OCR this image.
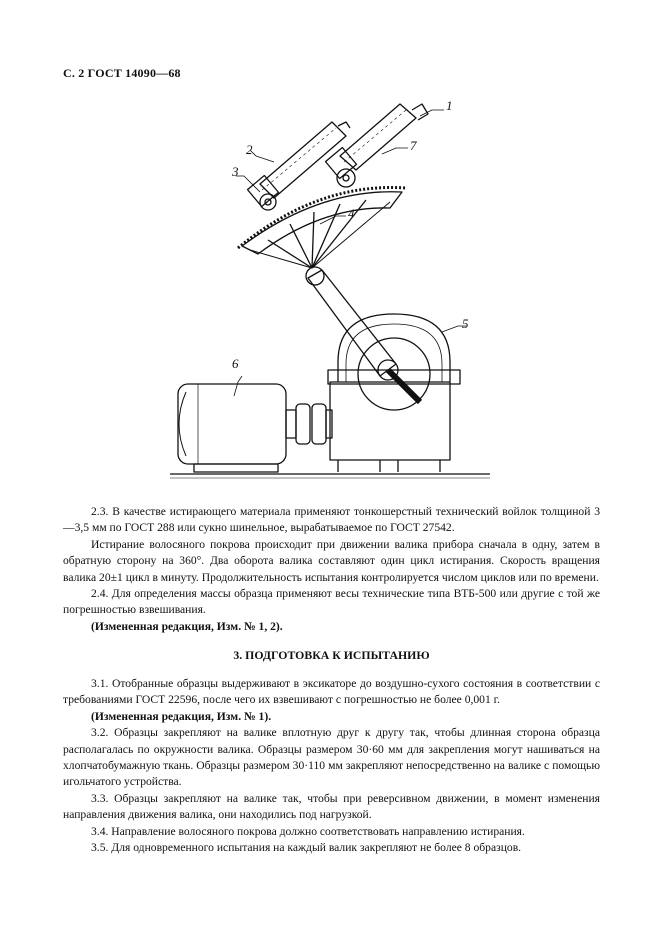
С. 2 ГОСТ 14090—68
1
2
3
4
5
6
7

2.3. В качестве истирающего материала применяют тонкошерстный технический войлок толщиной 3—3,5 мм по ГОСТ 288 или сукно шинельное, вырабатываемое по ГОСТ 27542.

Истирание волосяного покрова происходит при движении валика прибора сначала в одну, затем в обратную сторону на 360°. Два оборота валика составляют один цикл истирания. Скорость вращения валика 20±1 цикл в минуту. Продолжительность испытания контролируется числом циклов или по времени.

2.4. Для определения массы образца применяют весы технические типа ВТБ-500 или другие с той же погрешностью взвешивания.

(Измененная редакция, Изм. № 1, 2).

3. ПОДГОТОВКА К ИСПЫТАНИЮ

3.1. Отобранные образцы выдерживают в эксикаторе до воздушно-сухого состояния в соответствии с требованиями ГОСТ 22596, после чего их взвешивают с погрешностью не более 0,001 г.

(Измененная редакция, Изм. № 1).

3.2. Образцы закрепляют на валике вплотную друг к другу так, чтобы длинная сторона образца располагалась по окружности валика. Образцы размером 30·60 мм для закрепления могут нашиваться на хлопчатобумажную ткань. Образцы размером 30·110 мм закрепляют непосредственно на валике с помощью игольчатого устройства.

3.3. Образцы закрепляют на валике так, чтобы при реверсивном движении, в момент изменения направления движения валика, они находились под нагрузкой.

3.4. Направление волосяного покрова должно соответствовать направлению истирания.

3.5. Для одновременного испытания на каждый валик закрепляют не более 8 образцов.
